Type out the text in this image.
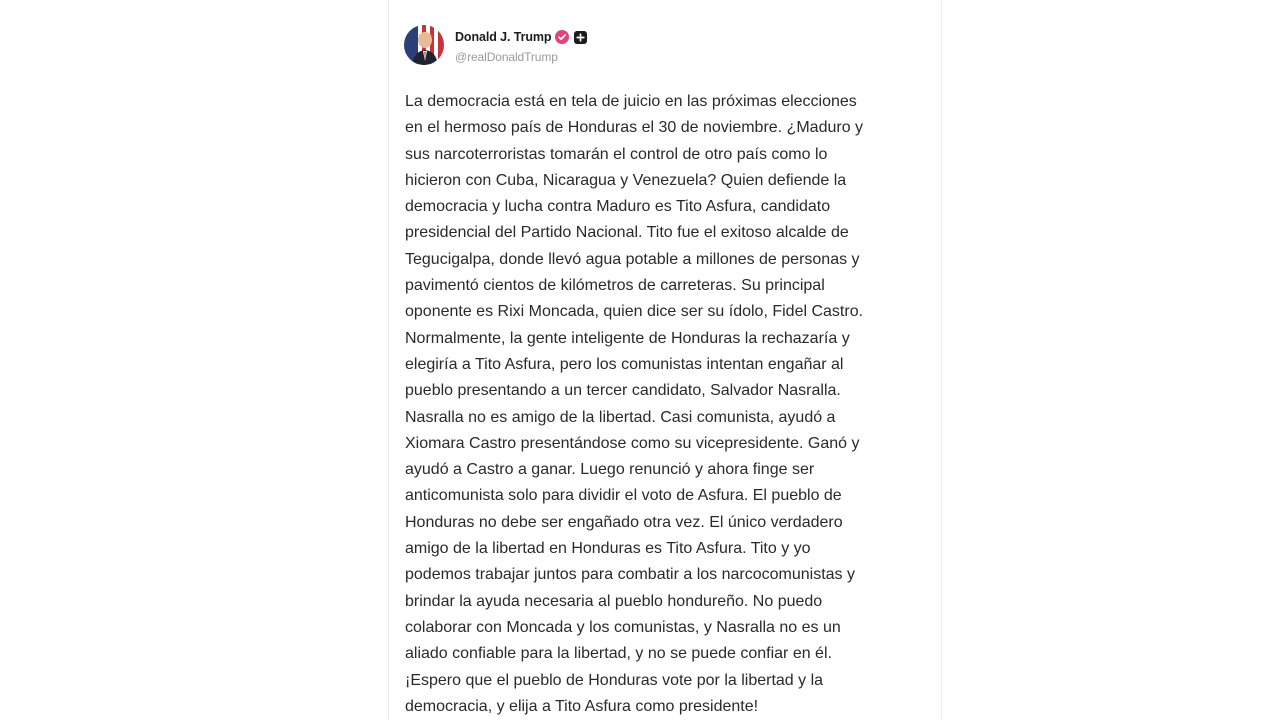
Donald J. Trump
@realDonaldTrump

La democracia está en tela de juicio en las próximas elecciones
en el hermoso país de Honduras el 30 de noviembre. ¿Maduro y
sus narcoterroristas tomarán el control de otro país como lo
hicieron con Cuba, Nicaragua y Venezuela? Quien defiende la
democracia y lucha contra Maduro es Tito Asfura, candidato
presidencial del Partido Nacional. Tito fue el exitoso alcalde de
Tegucigalpa, donde llevó agua potable a millones de personas y
pavimentó cientos de kilómetros de carreteras. Su principal
oponente es Rixi Moncada, quien dice ser su ídolo, Fidel Castro.
Normalmente, la gente inteligente de Honduras la rechazaría y
elegiría a Tito Asfura, pero los comunistas intentan engañar al
pueblo presentando a un tercer candidato, Salvador Nasralla.
Nasralla no es amigo de la libertad. Casi comunista, ayudó a
Xiomara Castro presentándose como su vicepresidente. Ganó y
ayudó a Castro a ganar. Luego renunció y ahora finge ser
anticomunista solo para dividir el voto de Asfura. El pueblo de
Honduras no debe ser engañado otra vez. El único verdadero
amigo de la libertad en Honduras es Tito Asfura. Tito y yo
podemos trabajar juntos para combatir a los narcocomunistas y
brindar la ayuda necesaria al pueblo hondureño. No puedo
colaborar con Moncada y los comunistas, y Nasralla no es un
aliado confiable para la libertad, y no se puede confiar en él.
¡Espero que el pueblo de Honduras vote por la libertad y la
democracia, y elija a Tito Asfura como presidente!
